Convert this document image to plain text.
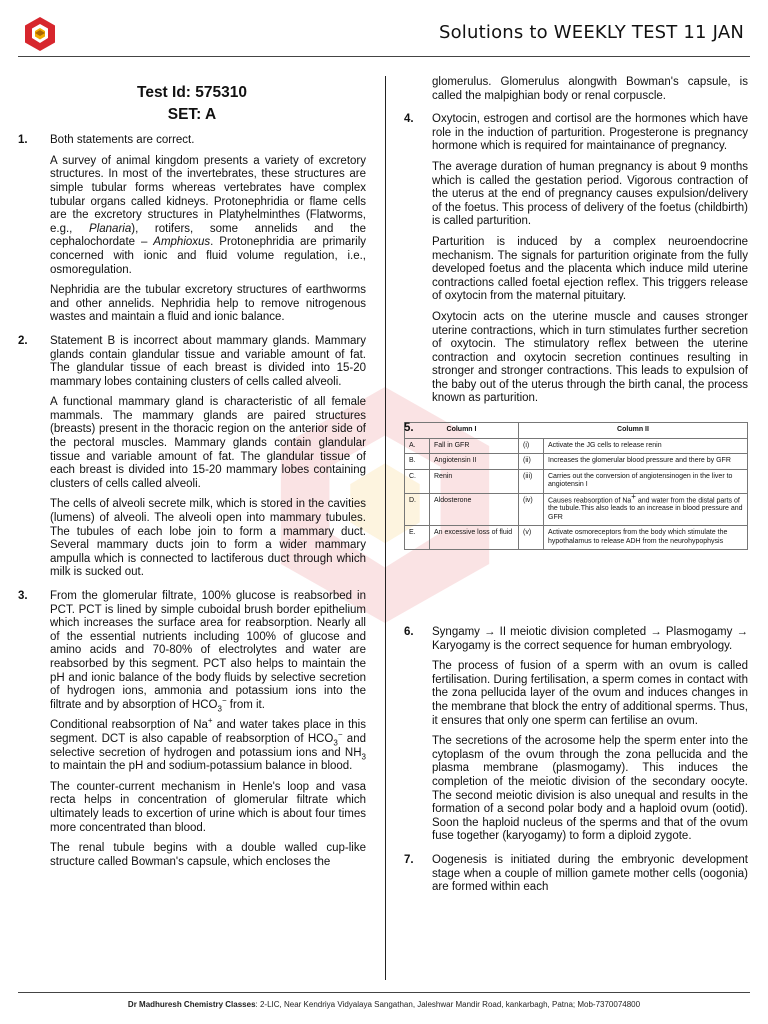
Solutions to WEEKLY TEST 11 JAN
Test Id: 575310
SET: A
1. Both statements are correct.

A survey of animal kingdom presents a variety of excretory structures. In most of the invertebrates, these structures are simple tubular forms whereas vertebrates have complex tubular organs called kidneys. Protonephridia or flame cells are the excretory structures in Platyhelminthes (Flatworms, e.g., Planaria), rotifers, some annelids and the cephalochordate – Amphioxus. Protonephridia are primarily concerned with ionic and fluid volume regulation, i.e., osmoregulation.

Nephridia are the tubular excretory structures of earthworms and other annelids. Nephridia help to remove nitrogenous wastes and maintain a fluid and ionic balance.

2. Statement B is incorrect about mammary glands. Mammary glands contain glandular tissue and variable amount of fat. The glandular tissue of each breast is divided into 15-20 mammary lobes containing clusters of cells called alveoli.

A functional mammary gland is characteristic of all female mammals. The mammary glands are paired structures (breasts) present in the thoracic region on the anterior side of the pectoral muscles. Mammary glands contain glandular tissue and variable amount of fat. The glandular tissue of each breast is divided into 15-20 mammary lobes containing clusters of cells called alveoli.

The cells of alveoli secrete milk, which is stored in the cavities (lumens) of alveoli. The alveoli open into mammary tubules. The tubules of each lobe join to form a mammary duct. Several mammary ducts join to form a wider mammary ampulla which is connected to lactiferous duct through which milk is sucked out.

3. From the glomerular filtrate, 100% glucose is reabsorbed in PCT. PCT is lined by simple cuboidal brush border epithelium which increases the surface area for reabsorption. Nearly all of the essential nutrients including 100% of glucose and amino acids and 70-80% of electrolytes and water are reabsorbed by this segment. PCT also helps to maintain the pH and ionic balance of the body fluids by selective secretion of hydrogen ions, ammonia and potassium ions into the filtrate and by absorption of $HCO_3^-$ from it.

Conditional reabsorption of Na+ and water takes place in this segment. DCT is also capable of reabsorption of $HCO_3^-$ and selective secretion of hydrogen and potassium ions and $NH_3$ to maintain the pH and sodium-potassium balance in blood.

The counter-current mechanism in Henle's loop and vasa recta helps in concentration of glomerular filtrate which ultimately leads to excertion of urine which is about four times more concentrated than blood.

The renal tubule begins with a double walled cup-like structure called Bowman's capsule, which encloses the

glomerulus. Glomerulus alongwith Bowman's capsule, is called the malpighian body or renal corpuscle.

4. Oxytocin, estrogen and cortisol are the hormones which have role in the induction of parturition. Progesterone is pregnancy hormone which is required for maintainance of pregnancy.

The average duration of human pregnancy is about 9 months which is called the gestation period. Vigorous contraction of the uterus at the end of pregnancy causes expulsion/delivery of the foetus. This process of delivery of the foetus (childbirth) is called parturition.

Parturition is induced by a complex neuroendocrine mechanism. The signals for parturition originate from the fully developed foetus and the placenta which induce mild uterine contractions called foetal ejection reflex. This triggers release of oxytocin from the maternal pituitary.

Oxytocin acts on the uterine muscle and causes stronger uterine contractions, which in turn stimulates further secretion of oxytocin. The stimulatory reflex between the uterine contraction and oxytocin secretion continues resulting in stronger and stronger contractions. This leads to expulsion of the baby out of the uterus through the birth canal, the process known as parturition.

5.	Column I		Column II	
A.	Fall in GFR	(i)	Activate the JG cells to release renin
B.	Angiotensin II	(ii)	Increases the glomerular blood pressure and there by GFR
C.	Renin	(iii)	Carries out the conversion of angiotensinogen in the liver to angiotensin I
D.	Aldosterone	(iv)	Causes reabsorption of Na+ and water from the distal parts of the tubule.This also leads to an increase in blood pressure and GFR
E.	An excessive loss of fluid	(v)	Activate osmoreceptors from the body which stimulate the hypothalamus to release ADH from the neurohypophysis
6. Syngamy → II meiotic division completed → Plasmogamy → Karyogamy is the correct sequence for human embryology.

The process of fusion of a sperm with an ovum is called fertilisation. During fertilisation, a sperm comes in contact with the zona pellucida layer of the ovum and induces changes in the membrane that block the entry of additional sperms. Thus, it ensures that only one sperm can fertilise an ovum.

The secretions of the acrosome help the sperm enter into the cytoplasm of the ovum through the zona pellucida and the plasma membrane (plasmogamy). This induces the completion of the meiotic division of the secondary oocyte. The second meiotic division is also unequal and results in the formation of a second polar body and a haploid ovum (ootid). Soon the haploid nucleus of the sperms and that of the ovum fuse together (karyogamy) to form a diploid zygote.

7. Oogenesis is initiated during the embryonic development stage when a couple of million gamete mother cells (oogonia) are formed within each

Dr Madhuresh Chemistry Classes: 2-LIC, Near Kendriya Vidyalaya Sangathan, Jaleshwar Mandir Road, kankarbagh, Patna; Mob-7370074800
